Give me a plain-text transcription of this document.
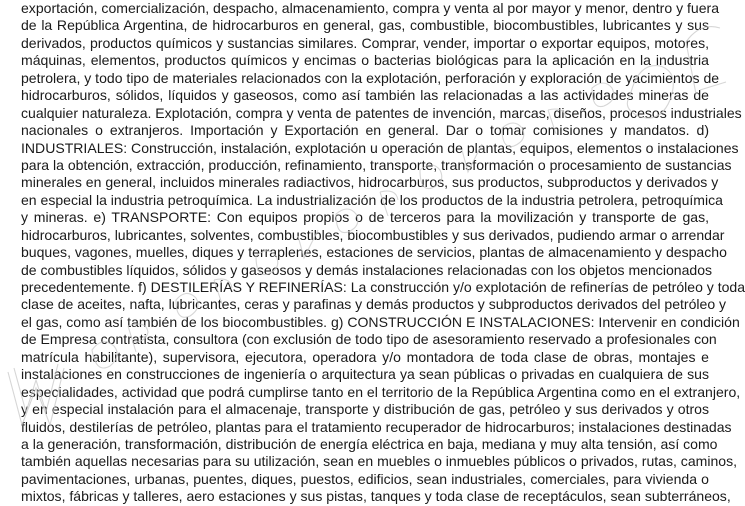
exportación, comercialización, despacho, almacenamiento, compra y venta al por mayor y menor, dentro y fuera
de la República Argentina, de hidrocarburos en general, gas, combustible, biocombustibles, lubricantes y sus
derivados, productos químicos y sustancias similares. Comprar, vender, importar o exportar equipos, motores,
máquinas, elementos, productos químicos y encimas o bacterias biológicas para la aplicación en la industria
petrolera, y todo tipo de materiales relacionados con la explotación, perforación y exploración de yacimientos de
hidrocarburos, sólidos, líquidos y gaseosos, como así también las relacionadas a las actividades mineras de
cualquier naturaleza. Explotación, compra y venta de patentes de invención, marcas, diseños, procesos industriales
nacionales o extranjeros. Importación y Exportación en general. Dar o tomar comisiones y mandatos. d)
INDUSTRIALES: Construcción, instalación, explotación u operación de plantas, equipos, elementos o instalaciones
para la obtención, extracción, producción, refinamiento, transporte, transformación o procesamiento de sustancias
minerales en general, incluidos minerales radiactivos, hidrocarburos, sus productos, subproductos y derivados y
en especial la industria petroquímica. La industrialización de los productos de la industria petrolera, petroquímica
y mineras. e) TRANSPORTE: Con equipos propios o de terceros para la movilización y transporte de gas,
hidrocarburos, lubricantes, solventes, combustibles, biocombustibles y sus derivados, pudiendo armar o arrendar
buques, vagones, muelles, diques y terraplenes, estaciones de servicios, plantas de almacenamiento y despacho
de combustibles líquidos, sólidos y gaseosos y demás instalaciones relacionadas con los objetos mencionados
precedentemente. f) DESTILERÍAS Y REFINERÍAS: La construcción y/o explotación de refinerías de petróleo y toda
clase de aceites, nafta, lubricantes, ceras y parafinas y demás productos y subproductos derivados del petróleo y
el gas, como así también de los biocombustibles. g) CONSTRUCCIÓN E INSTALACIONES: Intervenir en condición
de Empresa contratista, consultora (con exclusión de todo tipo de asesoramiento reservado a profesionales con
matrícula habilitante), supervisora, ejecutora, operadora y/o montadora de toda clase de obras, montajes e
instalaciones en construcciones de ingeniería o arquitectura ya sean públicas o privadas en cualquiera de sus
especialidades, actividad que podrá cumplirse tanto en el territorio de la República Argentina como en el extranjero,
y en especial instalación para el almacenaje, transporte y distribución de gas, petróleo y sus derivados y otros
fluidos, destilerías de petróleo, plantas para el tratamiento recuperador de hidrocarburos; instalaciones destinadas
a la generación, transformación, distribución de energía eléctrica en baja, mediana y muy alta tensión, así como
también aquellas necesarias para su utilización, sean en muebles o inmuebles públicos o privados, rutas, caminos,
pavimentaciones, urbanas, puentes, diques, puestos, edificios, sean industriales, comerciales, para vivienda o
mixtos, fábricas y talleres, aero estaciones y sus pistas, tanques y toda clase de receptáculos, sean subterráneos,
